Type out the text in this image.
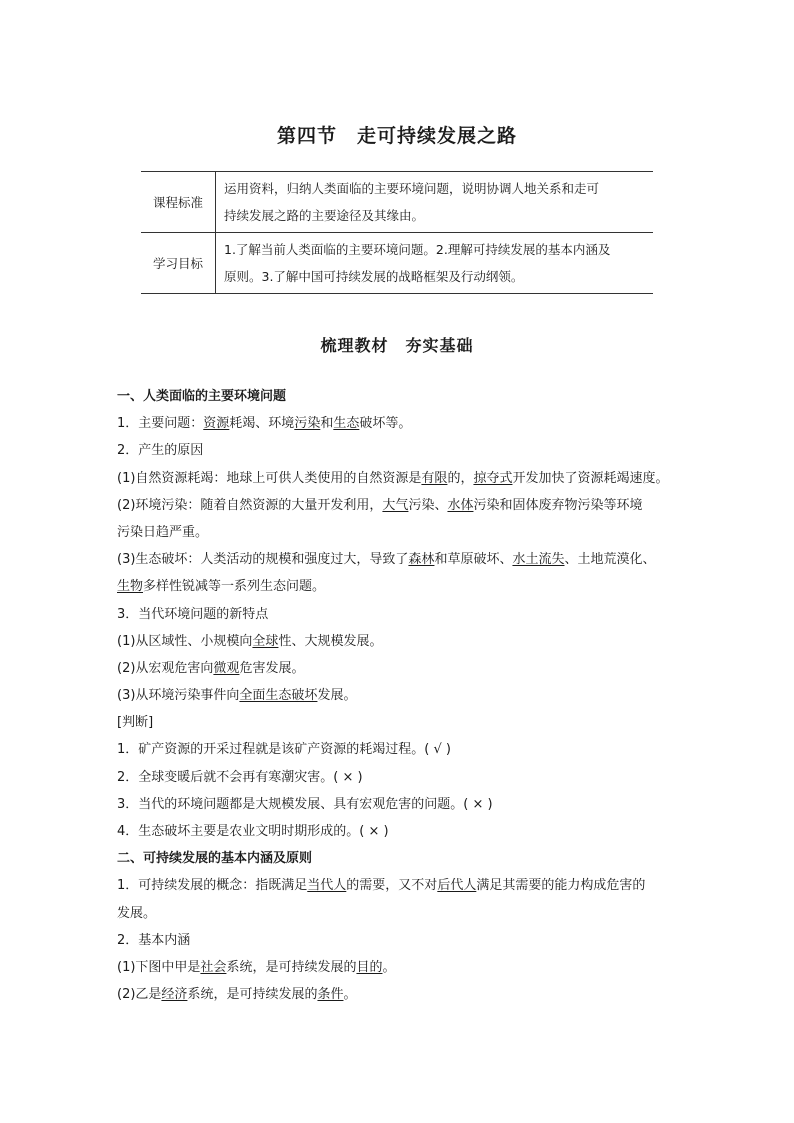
第四节　走可持续发展之路
课程标准	运用资料，归纳人类面临的主要环境问题，说明协调人地关系和走可
持续发展之路的主要途径及其缘由。

学习目标	1.了解当前人类面临的主要环境问题。2.理解可持续发展的基本内涵及
原则。3.了解中国可持续发展的战略框架及行动纲领。
梳理教材　夯实基础
一、人类面临的主要环境问题
1．主要问题：资源耗竭、环境污染和生态破坏等。
2．产生的原因
(1)自然资源耗竭：地球上可供人类使用的自然资源是有限的，掠夺式开发加快了资源耗竭速度。
(2)环境污染：随着自然资源的大量开发利用，大气污染、水体污染和固体废弃物污染等环境
污染日趋严重。
(3)生态破坏：人类活动的规模和强度过大，导致了森林和草原破坏、水土流失、土地荒漠化、
生物多样性锐减等一系列生态问题。
3．当代环境问题的新特点
(1)从区域性、小规模向全球性、大规模发展。
(2)从宏观危害向微观危害发展。
(3)从环境污染事件向全面生态破坏发展。
[判断]
1．矿产资源的开采过程就是该矿产资源的耗竭过程。( √ )
2．全球变暖后就不会再有寒潮灾害。( × )
3．当代的环境问题都是大规模发展、具有宏观危害的问题。( × )
4．生态破坏主要是农业文明时期形成的。( × )
二、可持续发展的基本内涵及原则
1．可持续发展的概念：指既满足当代人的需要，又不对后代人满足其需要的能力构成危害的
发展。
2．基本内涵
(1)下图中甲是社会系统，是可持续发展的目的。
(2)乙是经济系统，是可持续发展的条件。
